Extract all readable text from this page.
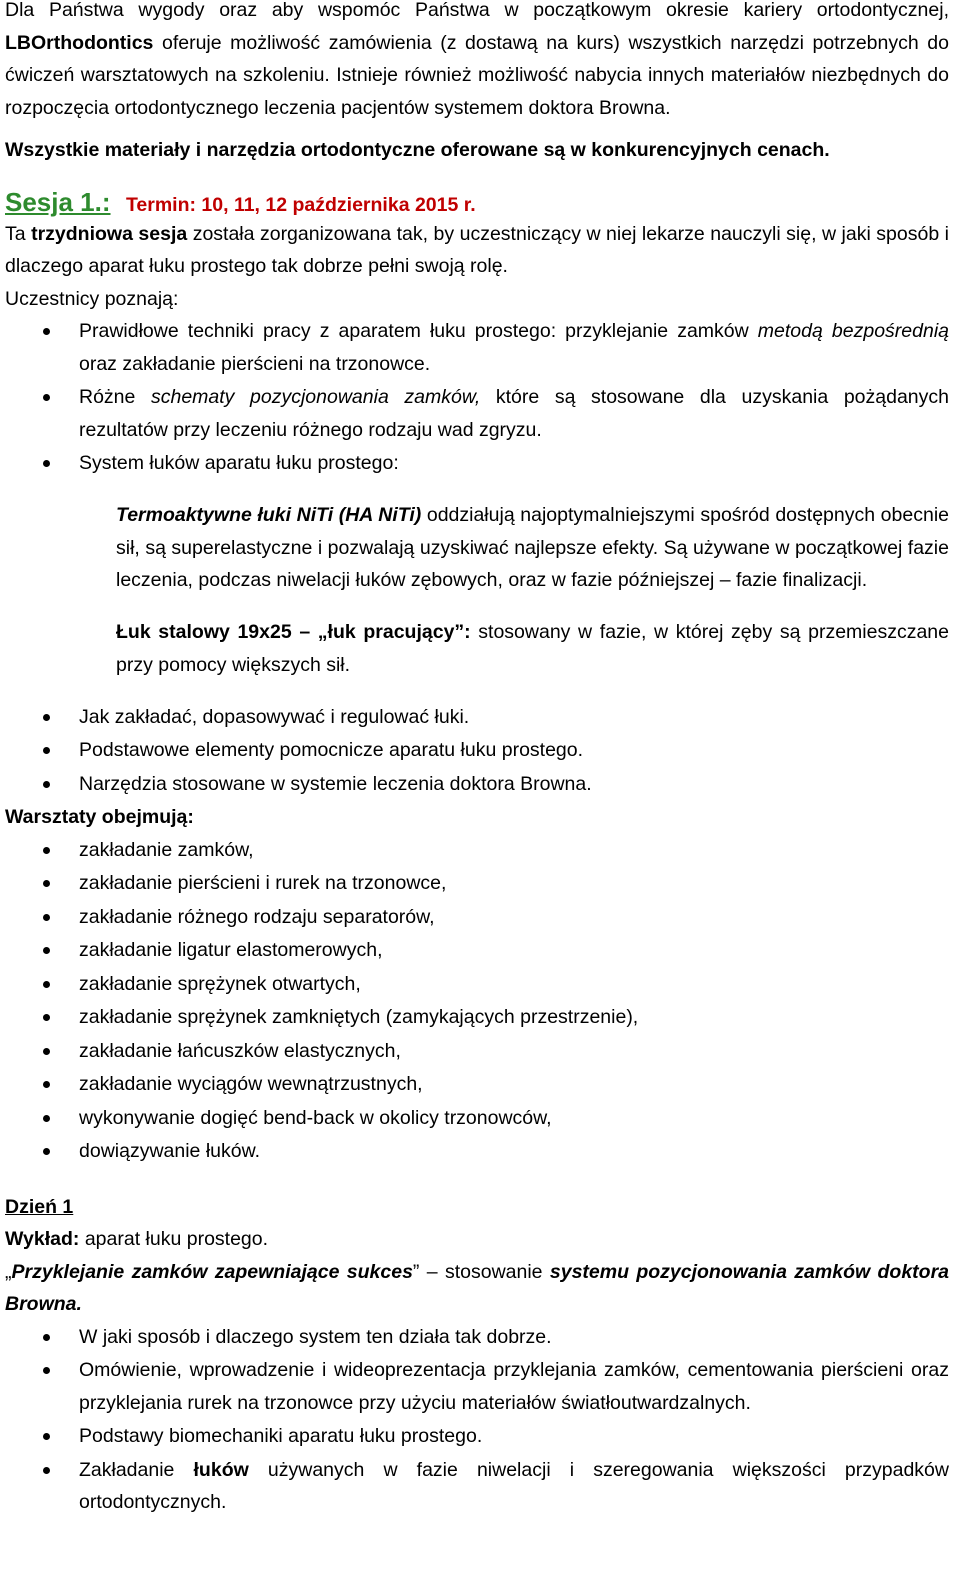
Dla Państwa wygody oraz aby wspomóc Państwa w początkowym okresie kariery ortodontycznej, LBOrthodontics oferuje możliwość zamówienia (z dostawą na kurs) wszystkich narzędzi potrzebnych do ćwiczeń warsztatowych na szkoleniu. Istnieje również możliwość nabycia innych materiałów niezbędnych do rozpoczęcia ortodontycznego leczenia pacjentów systemem doktora Browna.

Wszystkie materiały i narzędzia ortodontyczne oferowane są w konkurencyjnych cenach.

Sesja 1.: Termin: 10, 11, 12 października 2015 r.

Ta trzydniowa sesja została zorganizowana tak, by uczestniczący w niej lekarze nauczyli się, w jaki sposób i dlaczego aparat łuku prostego tak dobrze pełni swoją rolę.

Uczestnicy poznają:

Prawidłowe techniki pracy z aparatem łuku prostego: przyklejanie zamków metodą bezpośrednią oraz zakładanie pierścieni na trzonowce.
Różne schematy pozycjonowania zamków, które są stosowane dla uzyskania pożądanych rezultatów przy leczeniu różnego rodzaju wad zgryzu.
System łuków aparatu łuku prostego:

Termoaktywne łuki NiTi (HA NiTi) oddziałują najoptymalniejszymi spośród dostępnych obecnie sił, są superelastyczne i pozwalają uzyskiwać najlepsze efekty. Są używane w początkowej fazie leczenia, podczas niwelacji łuków zębowych, oraz w fazie późniejszej – fazie finalizacji.

Łuk stalowy 19x25 – „łuk pracujący”: stosowany w fazie, w której zęby są przemieszczane przy pomocy większych sił.

Jak zakładać, dopasowywać i regulować łuki.
Podstawowe elementy pomocnicze aparatu łuku prostego.
Narzędzia stosowane w systemie leczenia doktora Browna.

Warsztaty obejmują:

zakładanie zamków,
zakładanie pierścieni i rurek na trzonowce,
zakładanie różnego rodzaju separatorów,
zakładanie ligatur elastomerowych,
zakładanie sprężynek otwartych,
zakładanie sprężynek zamkniętych (zamykających przestrzenie),
zakładanie łańcuszków elastycznych,
zakładanie wyciągów wewnątrzustnych,
wykonywanie dogięć bend-back w okolicy trzonowców,
dowiązywanie łuków.

Dzień 1

Wykład: aparat łuku prostego.

„Przyklejanie zamków zapewniające sukces” – stosowanie systemu pozycjonowania zamków doktora Browna.

W jaki sposób i dlaczego system ten działa tak dobrze.
Omówienie, wprowadzenie i wideoprezentacja przyklejania zamków, cementowania pierścieni oraz przyklejania rurek na trzonowce przy użyciu materiałów światłoutwardzalnych.
Podstawy biomechaniki aparatu łuku prostego.
Zakładanie łuków używanych w fazie niwelacji i szeregowania większości przypadków ortodontycznych.
